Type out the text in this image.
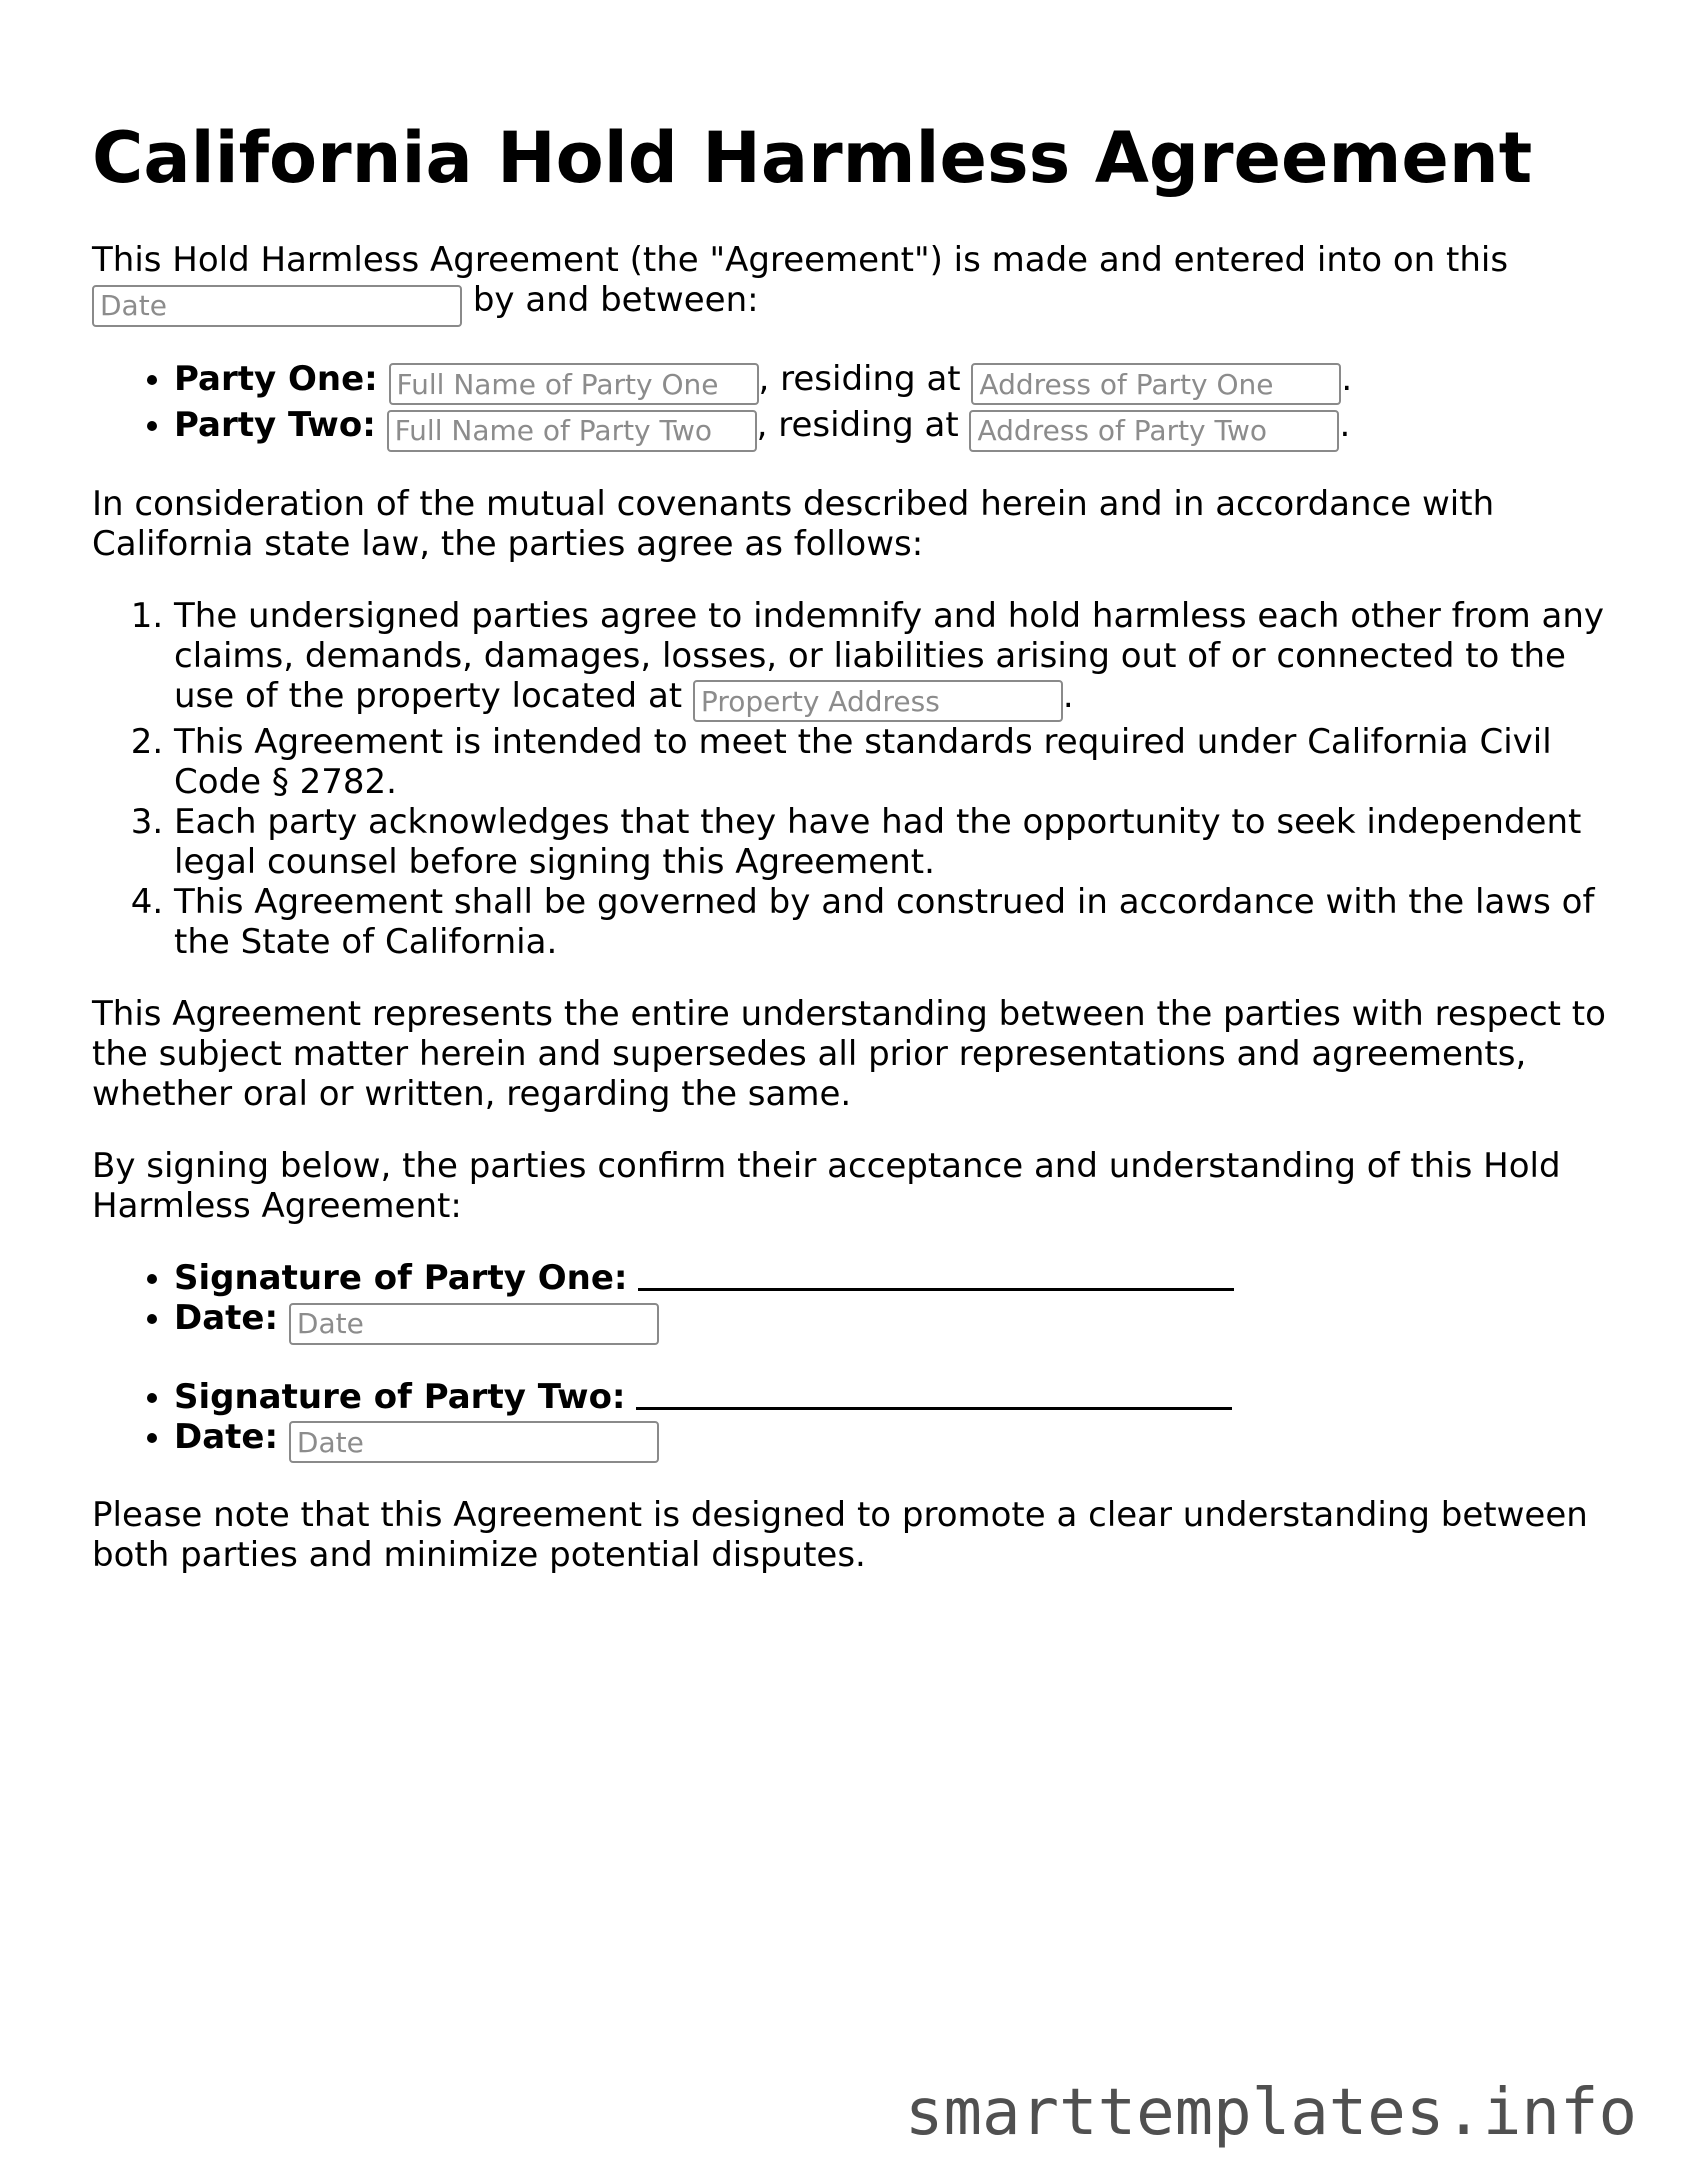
California Hold Harmless Agreement

This Hold Harmless Agreement (the "Agreement") is made and entered into on this
Date by and between:

• Party One: Full Name of Party One	, residing at Address of Party One	.
• Party Two: Full Name of Party Two	, residing at Address of Party Two	.

In consideration of the mutual covenants described herein and in accordance with California state law, the parties agree as follows:

1. The undersigned parties agree to indemnify and hold harmless each other from any claims, demands, damages, losses, or liabilities arising out of or connected to the use of the property located at Property Address	.
2. This Agreement is intended to meet the standards required under California Civil Code § 2782.
3. Each party acknowledges that they have had the opportunity to seek independent legal counsel before signing this Agreement.
4. This Agreement shall be governed by and construed in accordance with the laws of the State of California.

This Agreement represents the entire understanding between the parties with respect to the subject matter herein and supersedes all prior representations and agreements, whether oral or written, regarding the same.

By signing below, the parties confirm their acceptance and understanding of this Hold Harmless Agreement:

• Signature of Party One:
• Date: Date
• Signature of Party Two:
• Date: Date

Please note that this Agreement is designed to promote a clear understanding between both parties and minimize potential disputes.

smarttemplates.info
